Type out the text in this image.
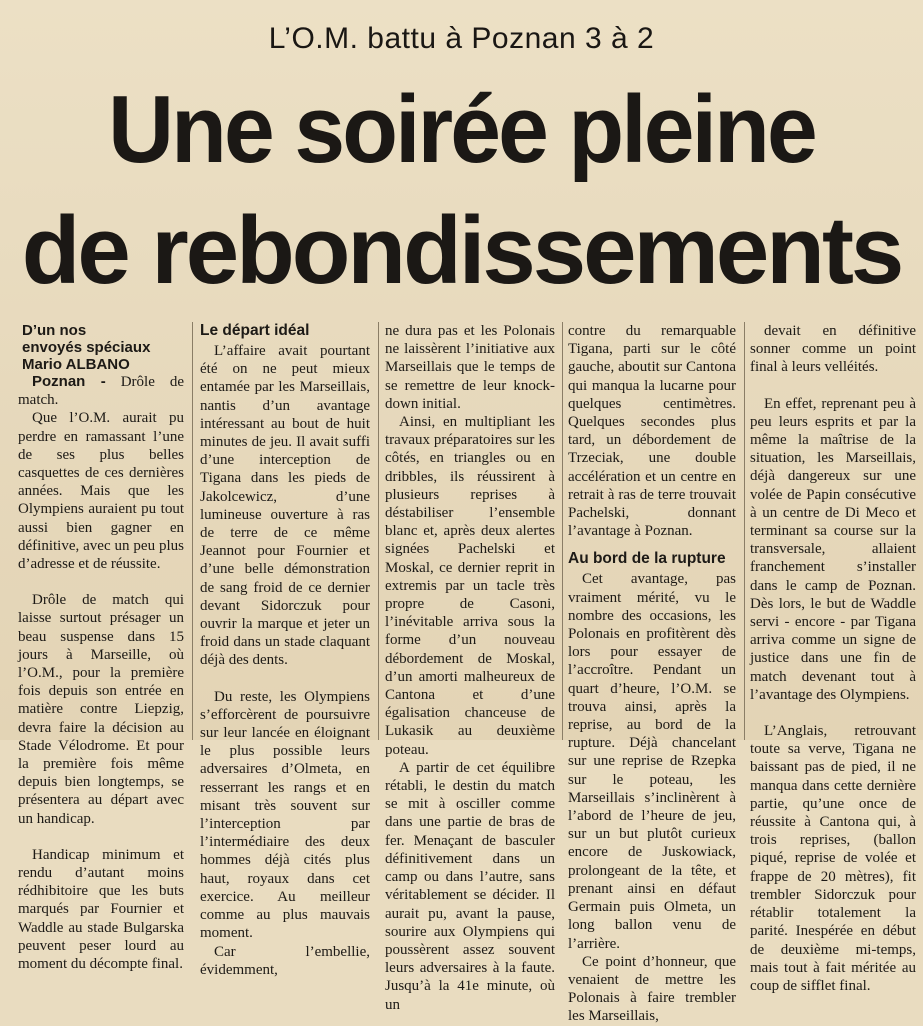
L’O.M. battu à Poznan 3 à 2
Une soirée pleine
de rebondissements
D’un nos
envoyés spéciaux
Mario ALBANO

Poznan - Drôle de match.

Que l’O.M. aurait pu perdre en ramassant l’une de ses plus belles casquettes de ces dernières années. Mais que les Olympiens auraient pu tout aussi bien gagner en définitive, avec un peu plus d’adresse et de réussite.

Drôle de match qui laisse surtout présager un beau suspense dans 15 jours à Marseille, où l’O.M., pour la première fois depuis son entrée en matière contre Liepzig, devra faire la décision au Stade Vélodrome. Et pour la première fois même depuis bien longtemps, se présentera au départ avec un handicap.

Handicap minimum et rendu d’autant moins rédhibitoire que les buts marqués par Fournier et Waddle au stade Bulgarska peuvent peser lourd au moment du décompte final.

Le départ idéal

L’affaire avait pourtant été on ne peut mieux entamée par les Marseillais, nantis d’un avantage intéressant au bout de huit minutes de jeu. Il avait suffi d’une interception de Tigana dans les pieds de Jakolcewicz, d’une lumineuse ouverture à ras de terre de ce même Jeannot pour Fournier et d’une belle démonstration de sang froid de ce dernier devant Sidorczuk pour ouvrir la marque et jeter un froid dans un stade claquant déjà des dents.

Du reste, les Olympiens s’efforcèrent de poursuivre sur leur lancée en éloignant le plus possible leurs adversaires d’Olmeta, en resserrant les rangs et en misant très souvent sur l’interception par l’intermédiaire des deux hommes déjà cités plus haut, royaux dans cet exercice. Au meilleur comme au plus mauvais moment.

Car l’embellie, évidemment,

ne dura pas et les Polonais ne laissèrent l’initiative aux Marseillais que le temps de se remettre de leur knock-down initial.

Ainsi, en multipliant les travaux préparatoires sur les côtés, en triangles ou en dribbles, ils réussirent à plusieurs reprises à déstabiliser l’ensemble blanc et, après deux alertes signées Pachelski et Moskal, ce dernier reprit in extremis par un tacle très propre de Casoni, l’inévitable arriva sous la forme d’un nouveau débordement de Moskal, d’un amorti malheureux de Cantona et d’une égalisation chanceuse de Lukasik au deuxième poteau.

A partir de cet équilibre rétabli, le destin du match se mit à osciller comme dans une partie de bras de fer. Menaçant de basculer définitivement dans un camp ou dans l’autre, sans véritablement se décider. Il aurait pu, avant la pause, sourire aux Olympiens qui poussèrent assez souvent leurs adversaires à la faute. Jusqu’à la 41e minute, où un

contre du remarquable Tigana, parti sur le côté gauche, aboutit sur Cantona qui manqua la lucarne pour quelques centimètres. Quelques secondes plus tard, un débordement de Trzeciak, une double accélération et un centre en retrait à ras de terre trouvait Pachelski, donnant l’avantage à Poznan.

Au bord de la rupture

Cet avantage, pas vraiment mérité, vu le nombre des occasions, les Polonais en profitèrent dès lors pour essayer de l’accroître. Pendant un quart d’heure, l’O.M. se trouva ainsi, après la reprise, au bord de la rupture. Déjà chancelant sur une reprise de Rzepka sur le poteau, les Marseillais s’inclinèrent à l’abord de l’heure de jeu, sur un but plutôt curieux encore de Juskowiack, prolongeant de la tête, et prenant ainsi en défaut Germain puis Olmeta, un long ballon venu de l’arrière.

Ce point d’honneur, que venaient de mettre les Polonais à faire trembler les Marseillais,

devait en définitive sonner comme un point final à leurs velléités.

En effet, reprenant peu à peu leurs esprits et par la même la maîtrise de la situation, les Marseillais, déjà dangereux sur une volée de Papin consécutive à un centre de Di Meco et terminant sa course sur la transversale, allaient franchement s’installer dans le camp de Poznan. Dès lors, le but de Waddle servi - encore - par Tigana arriva comme un signe de justice dans une fin de match devenant tout à l’avantage des Olympiens.

L’Anglais, retrouvant toute sa verve, Tigana ne baissant pas de pied, il ne manqua dans cette dernière partie, qu’une once de réussite à Cantona qui, à trois reprises, (ballon piqué, reprise de volée et frappe de 20 mètres), fit trembler Sidorczuk pour rétablir totalement la parité. Inespérée en début de deuxième mi-temps, mais tout à fait méritée au coup de sifflet final.
